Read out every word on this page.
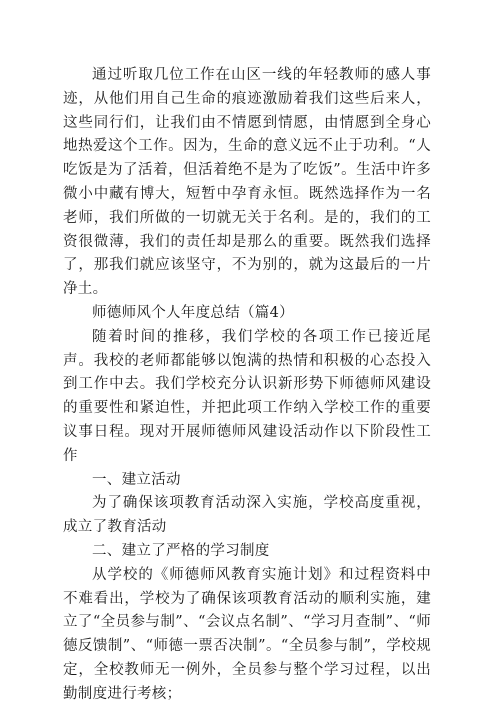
通过听取几位工作在山区一线的年轻教师的感人事迹，从他们用自己生命的痕迹激励着我们这些后来人，这些同行们，让我们由不情愿到情愿，由情愿到全身心地热爱这个工作。因为，生命的意义远不止于功利。“人吃饭是为了活着，但活着绝不是为了吃饭”。生活中许多微小中藏有博大，短暂中孕育永恒。既然选择作为一名老师，我们所做的一切就无关于名利。是的，我们的工资很微薄，我们的责任却是那么的重要。既然我们选择了，那我们就应该坚守，不为别的，就为这最后的一片净土。

师德师风个人年度总结（篇4）

随着时间的推移，我们学校的各项工作已接近尾声。我校的老师都能够以饱满的热情和积极的心态投入到工作中去。我们学校充分认识新形势下师德师风建设的重要性和紧迫性，并把此项工作纳入学校工作的重要议事日程。现对开展师德师风建设活动作以下阶段性工作

一、建立活动

为了确保该项教育活动深入实施，学校高度重视，成立了教育活动

二、建立了严格的学习制度

从学校的《师德师风教育实施计划》和过程资料中不难看出，学校为了确保该项教育活动的顺利实施，建立了“全员参与制”、“会议点名制”、“学习月查制”、“师德反馈制”、“师德一票否决制”。“全员参与制”，学校规定，全校教师无一例外，全员参与整个学习过程，以出勤制度进行考核；
